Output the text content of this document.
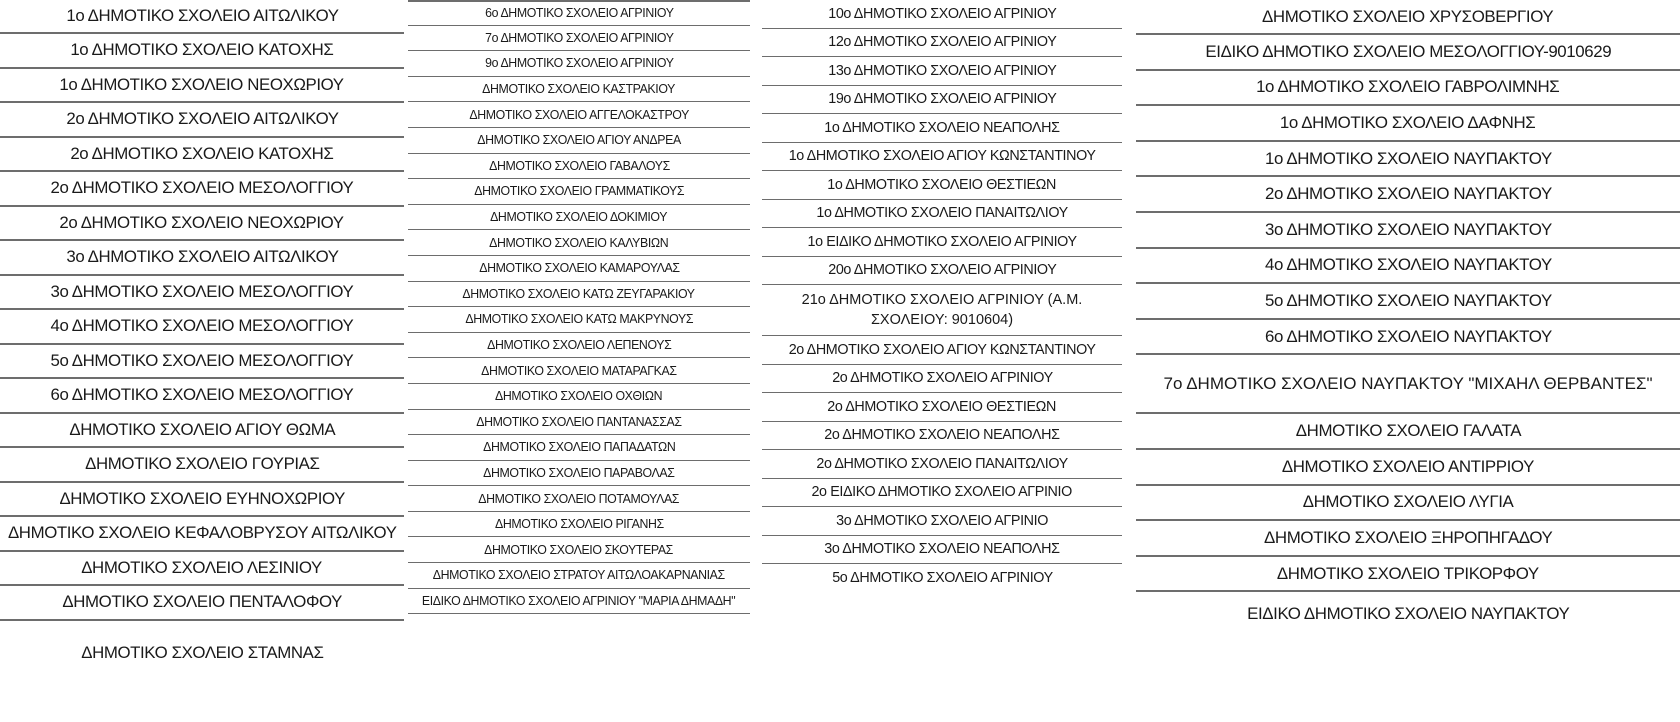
1ο ΔΗΜΟΤΙΚΟ ΣΧΟΛΕΙΟ ΑΙΤΩΛΙΚΟΥ
1ο ΔΗΜΟΤΙΚΟ ΣΧΟΛΕΙΟ ΚΑΤΟΧΗΣ
1ο ΔΗΜΟΤΙΚΟ ΣΧΟΛΕΙΟ ΝΕΟΧΩΡΙΟΥ
2ο ΔΗΜΟΤΙΚΟ ΣΧΟΛΕΙΟ ΑΙΤΩΛΙΚΟΥ
2ο ΔΗΜΟΤΙΚΟ ΣΧΟΛΕΙΟ ΚΑΤΟΧΗΣ
2ο ΔΗΜΟΤΙΚΟ ΣΧΟΛΕΙΟ ΜΕΣΟΛΟΓΓΙΟΥ
2ο ΔΗΜΟΤΙΚΟ ΣΧΟΛΕΙΟ ΝΕΟΧΩΡΙΟΥ
3ο ΔΗΜΟΤΙΚΟ ΣΧΟΛΕΙΟ ΑΙΤΩΛΙΚΟΥ
3ο ΔΗΜΟΤΙΚΟ ΣΧΟΛΕΙΟ ΜΕΣΟΛΟΓΓΙΟΥ
4ο ΔΗΜΟΤΙΚΟ ΣΧΟΛΕΙΟ ΜΕΣΟΛΟΓΓΙΟΥ
5ο ΔΗΜΟΤΙΚΟ ΣΧΟΛΕΙΟ ΜΕΣΟΛΟΓΓΙΟΥ
6ο ΔΗΜΟΤΙΚΟ ΣΧΟΛΕΙΟ ΜΕΣΟΛΟΓΓΙΟΥ
ΔΗΜΟΤΙΚΟ ΣΧΟΛΕΙΟ ΑΓΙΟΥ ΘΩΜΑ
ΔΗΜΟΤΙΚΟ ΣΧΟΛΕΙΟ ΓΟΥΡΙΑΣ
ΔΗΜΟΤΙΚΟ ΣΧΟΛΕΙΟ ΕΥΗΝΟΧΩΡΙΟΥ
ΔΗΜΟΤΙΚΟ ΣΧΟΛΕΙΟ ΚΕΦΑΛΟΒΡΥΣΟΥ ΑΙΤΩΛΙΚΟΥ
ΔΗΜΟΤΙΚΟ ΣΧΟΛΕΙΟ ΛΕΣΙΝΙΟΥ
ΔΗΜΟΤΙΚΟ ΣΧΟΛΕΙΟ ΠΕΝΤΑΛΟΦΟΥ
ΔΗΜΟΤΙΚΟ ΣΧΟΛΕΙΟ ΣΤΑΜΝΑΣ
6ο ΔΗΜΟΤΙΚΟ ΣΧΟΛΕΙΟ ΑΓΡΙΝΙΟΥ
7ο ΔΗΜΟΤΙΚΟ ΣΧΟΛΕΙΟ ΑΓΡΙΝΙΟΥ
9ο ΔΗΜΟΤΙΚΟ ΣΧΟΛΕΙΟ ΑΓΡΙΝΙΟΥ
ΔΗΜΟΤΙΚΟ ΣΧΟΛΕΙΟ ΚΑΣΤΡΑΚΙΟΥ
ΔΗΜΟΤΙΚΟ ΣΧΟΛΕΙΟ ΑΓΓΕΛΟΚΑΣΤΡΟΥ
ΔΗΜΟΤΙΚΟ ΣΧΟΛΕΙΟ ΑΓΙΟΥ ΑΝΔΡΕΑ
ΔΗΜΟΤΙΚΟ ΣΧΟΛΕΙΟ ΓΑΒΑΛΟΥΣ
ΔΗΜΟΤΙΚΟ ΣΧΟΛΕΙΟ ΓΡΑΜΜΑΤΙΚΟΥΣ
ΔΗΜΟΤΙΚΟ ΣΧΟΛΕΙΟ ΔΟΚΙΜΙΟΥ
ΔΗΜΟΤΙΚΟ ΣΧΟΛΕΙΟ ΚΑΛΥΒΙΩΝ
ΔΗΜΟΤΙΚΟ ΣΧΟΛΕΙΟ ΚΑΜΑΡΟΥΛΑΣ
ΔΗΜΟΤΙΚΟ ΣΧΟΛΕΙΟ ΚΑΤΩ ΖΕΥΓΑΡΑΚΙΟΥ
ΔΗΜΟΤΙΚΟ ΣΧΟΛΕΙΟ ΚΑΤΩ ΜΑΚΡΥΝΟΥΣ
ΔΗΜΟΤΙΚΟ ΣΧΟΛΕΙΟ ΛΕΠΕΝΟΥΣ
ΔΗΜΟΤΙΚΟ ΣΧΟΛΕΙΟ ΜΑΤΑΡΑΓΚΑΣ
ΔΗΜΟΤΙΚΟ ΣΧΟΛΕΙΟ ΟΧΘΙΩΝ
ΔΗΜΟΤΙΚΟ ΣΧΟΛΕΙΟ ΠΑΝΤΑΝΑΣΣΑΣ
ΔΗΜΟΤΙΚΟ ΣΧΟΛΕΙΟ ΠΑΠΑΔΑΤΩΝ
ΔΗΜΟΤΙΚΟ ΣΧΟΛΕΙΟ ΠΑΡΑΒΟΛΑΣ
ΔΗΜΟΤΙΚΟ ΣΧΟΛΕΙΟ ΠΟΤΑΜΟΥΛΑΣ
ΔΗΜΟΤΙΚΟ ΣΧΟΛΕΙΟ ΡΙΓΑΝΗΣ
ΔΗΜΟΤΙΚΟ ΣΧΟΛΕΙΟ ΣΚΟΥΤΕΡΑΣ
ΔΗΜΟΤΙΚΟ ΣΧΟΛΕΙΟ ΣΤΡΑΤΟΥ ΑΙΤΩΛΟΑΚΑΡΝΑΝΙΑΣ
ΕΙΔΙΚΟ ΔΗΜΟΤΙΚΟ ΣΧΟΛΕΙΟ ΑΓΡΙΝΙΟΥ "ΜΑΡΙΑ ΔΗΜΑΔΗ"
10ο ΔΗΜΟΤΙΚΟ ΣΧΟΛΕΙΟ ΑΓΡΙΝΙΟΥ
12ο ΔΗΜΟΤΙΚΟ ΣΧΟΛΕΙΟ ΑΓΡΙΝΙΟΥ
13ο ΔΗΜΟΤΙΚΟ ΣΧΟΛΕΙΟ ΑΓΡΙΝΙΟΥ
19ο ΔΗΜΟΤΙΚΟ ΣΧΟΛΕΙΟ ΑΓΡΙΝΙΟΥ
1ο ΔΗΜΟΤΙΚΟ ΣΧΟΛΕΙΟ ΝΕΑΠΟΛΗΣ
1ο ΔΗΜΟΤΙΚΟ ΣΧΟΛΕΙΟ ΑΓΙΟΥ ΚΩΝΣΤΑΝΤΙΝΟΥ
1ο ΔΗΜΟΤΙΚΟ ΣΧΟΛΕΙΟ ΘΕΣΤΙΕΩΝ
1ο ΔΗΜΟΤΙΚΟ ΣΧΟΛΕΙΟ ΠΑΝΑΙΤΩΛΙΟΥ
1ο ΕΙΔΙΚΟ ΔΗΜΟΤΙΚΟ ΣΧΟΛΕΙΟ ΑΓΡΙΝΙΟΥ
20ο ΔΗΜΟΤΙΚΟ ΣΧΟΛΕΙΟ ΑΓΡΙΝΙΟΥ
21ο ΔΗΜΟΤΙΚΟ ΣΧΟΛΕΙΟ ΑΓΡΙΝΙΟΥ (Α.Μ. ΣΧΟΛΕΙΟΥ: 9010604)
2ο ΔΗΜΟΤΙΚΟ ΣΧΟΛΕΙΟ ΑΓΙΟΥ ΚΩΝΣΤΑΝΤΙΝΟΥ
2ο ΔΗΜΟΤΙΚΟ ΣΧΟΛΕΙΟ ΑΓΡΙΝΙΟΥ
2ο ΔΗΜΟΤΙΚΟ ΣΧΟΛΕΙΟ ΘΕΣΤΙΕΩΝ
2ο ΔΗΜΟΤΙΚΟ ΣΧΟΛΕΙΟ ΝΕΑΠΟΛΗΣ
2ο ΔΗΜΟΤΙΚΟ ΣΧΟΛΕΙΟ ΠΑΝΑΙΤΩΛΙΟΥ
2ο ΕΙΔΙΚΟ ΔΗΜΟΤΙΚΟ ΣΧΟΛΕΙΟ ΑΓΡΙΝΙΟ
3ο ΔΗΜΟΤΙΚΟ ΣΧΟΛΕΙΟ ΑΓΡΙΝΙΟ
3ο ΔΗΜΟΤΙΚΟ ΣΧΟΛΕΙΟ ΝΕΑΠΟΛΗΣ
5ο ΔΗΜΟΤΙΚΟ ΣΧΟΛΕΙΟ ΑΓΡΙΝΙΟΥ
ΔΗΜΟΤΙΚΟ ΣΧΟΛΕΙΟ ΧΡΥΣΟΒΕΡΓΙΟΥ
ΕΙΔΙΚΟ ΔΗΜΟΤΙΚΟ ΣΧΟΛΕΙΟ ΜΕΣΟΛΟΓΓΙΟΥ-9010629
1ο ΔΗΜΟΤΙΚΟ ΣΧΟΛΕΙΟ ΓΑΒΡΟΛΙΜΝΗΣ
1ο ΔΗΜΟΤΙΚΟ ΣΧΟΛΕΙΟ ΔΑΦΝΗΣ
1ο ΔΗΜΟΤΙΚΟ ΣΧΟΛΕΙΟ ΝΑΥΠΑΚΤΟΥ
2ο ΔΗΜΟΤΙΚΟ ΣΧΟΛΕΙΟ ΝΑΥΠΑΚΤΟΥ
3ο ΔΗΜΟΤΙΚΟ ΣΧΟΛΕΙΟ ΝΑΥΠΑΚΤΟΥ
4ο ΔΗΜΟΤΙΚΟ ΣΧΟΛΕΙΟ ΝΑΥΠΑΚΤΟΥ
5ο ΔΗΜΟΤΙΚΟ ΣΧΟΛΕΙΟ ΝΑΥΠΑΚΤΟΥ
6ο ΔΗΜΟΤΙΚΟ ΣΧΟΛΕΙΟ ΝΑΥΠΑΚΤΟΥ
7ο ΔΗΜΟΤΙΚΟ ΣΧΟΛΕΙΟ ΝΑΥΠΑΚΤΟΥ "ΜΙΧΑΗΛ ΘΕΡΒΑΝΤΕΣ"
ΔΗΜΟΤΙΚΟ ΣΧΟΛΕΙΟ ΓΑΛΑΤΑ
ΔΗΜΟΤΙΚΟ ΣΧΟΛΕΙΟ ΑΝΤΙΡΡΙΟΥ
ΔΗΜΟΤΙΚΟ ΣΧΟΛΕΙΟ ΛΥΓΙΑ
ΔΗΜΟΤΙΚΟ ΣΧΟΛΕΙΟ ΞΗΡΟΠΗΓΑΔΟΥ
ΔΗΜΟΤΙΚΟ ΣΧΟΛΕΙΟ ΤΡΙΚΟΡΦΟΥ
ΕΙΔΙΚΟ ΔΗΜΟΤΙΚΟ ΣΧΟΛΕΙΟ ΝΑΥΠΑΚΤΟΥ
